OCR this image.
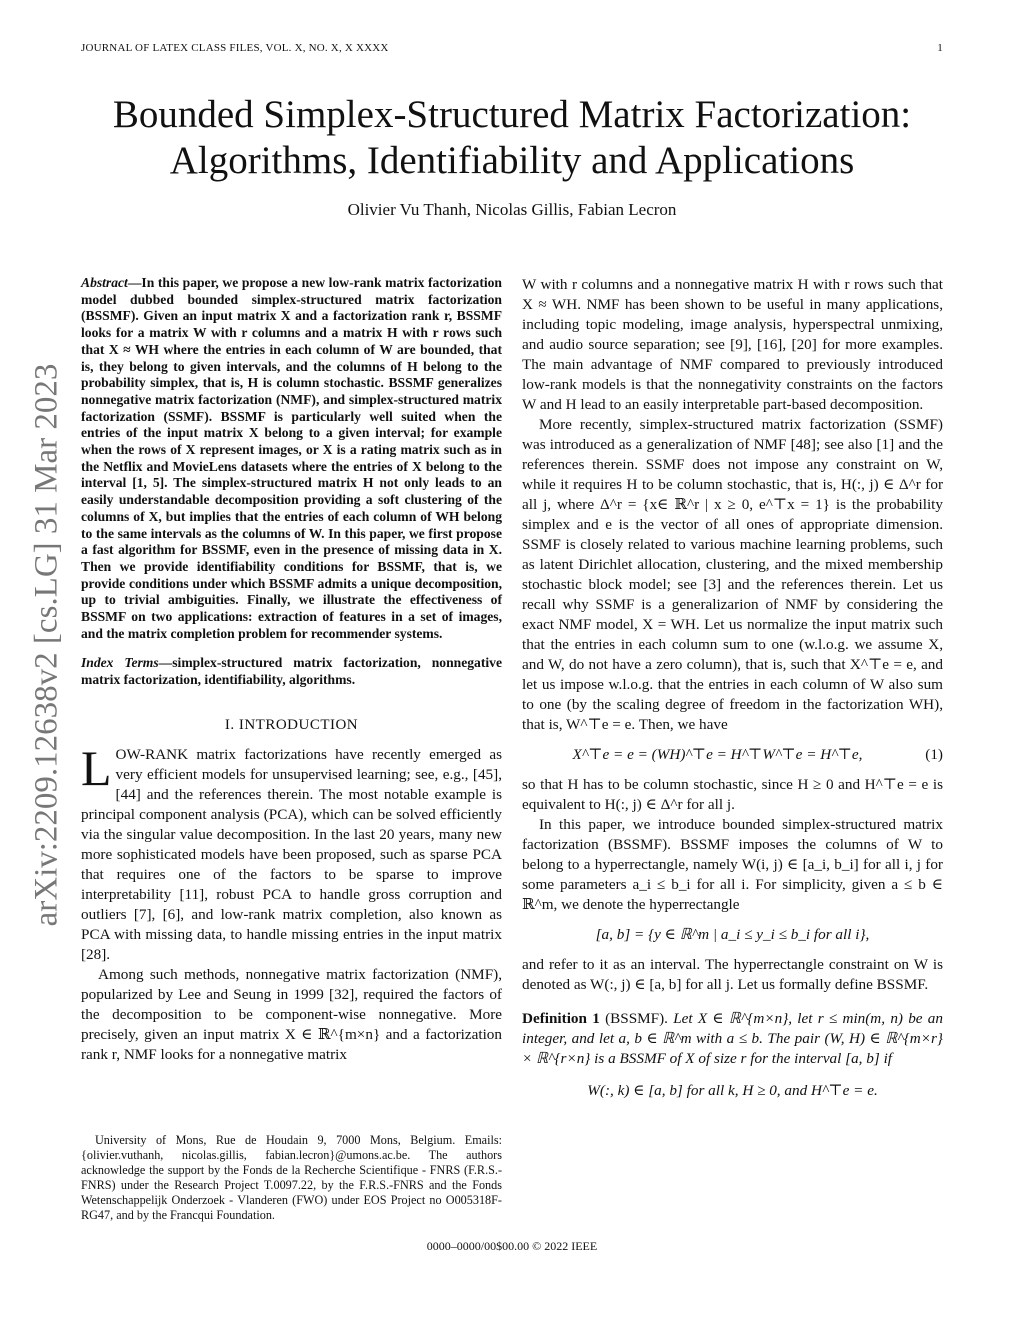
JOURNAL OF LATEX CLASS FILES, VOL. X, NO. X, X XXXX	1
Bounded Simplex-Structured Matrix Factorization:
Algorithms, Identifiability and Applications
Olivier Vu Thanh, Nicolas Gillis, Fabian Lecron
arXiv:2209.12638v2 [cs.LG] 31 Mar 2023
Abstract—In this paper, we propose a new low-rank matrix factorization model dubbed bounded simplex-structured matrix factorization (BSSMF). Given an input matrix X and a factorization rank r, BSSMF looks for a matrix W with r columns and a matrix H with r rows such that X ≈ WH where the entries in each column of W are bounded, that is, they belong to given intervals, and the columns of H belong to the probability simplex, that is, H is column stochastic. BSSMF generalizes nonnegative matrix factorization (NMF), and simplex-structured matrix factorization (SSMF). BSSMF is particularly well suited when the entries of the input matrix X belong to a given interval; for example when the rows of X represent images, or X is a rating matrix such as in the Netflix and MovieLens datasets where the entries of X belong to the interval [1, 5]. The simplex-structured matrix H not only leads to an easily understandable decomposition providing a soft clustering of the columns of X, but implies that the entries of each column of WH belong to the same intervals as the columns of W. In this paper, we first propose a fast algorithm for BSSMF, even in the presence of missing data in X. Then we provide identifiability conditions for BSSMF, that is, we provide conditions under which BSSMF admits a unique decomposition, up to trivial ambiguities. Finally, we illustrate the effectiveness of BSSMF on two applications: extraction of features in a set of images, and the matrix completion problem for recommender systems.
Index Terms—simplex-structured matrix factorization, nonnegative matrix factorization, identifiability, algorithms.
I. INTRODUCTION

LOW-RANK matrix factorizations have recently emerged as very efficient models for unsupervised learning; see, e.g., [45], [44] and the references therein. The most notable example is principal component analysis (PCA), which can be solved efficiently via the singular value decomposition. In the last 20 years, many new more sophisticated models have been proposed, such as sparse PCA that requires one of the factors to be sparse to improve interpretability [11], robust PCA to handle gross corruption and outliers [7], [6], and low-rank matrix completion, also known as PCA with missing data, to handle missing entries in the input matrix [28].

Among such methods, nonnegative matrix factorization (NMF), popularized by Lee and Seung in 1999 [32], required the factors of the decomposition to be component-wise nonnegative. More precisely, given an input matrix X ∈ ℝ^{m×n} and a factorization rank r, NMF looks for a nonnegative matrix

University of Mons, Rue de Houdain 9, 7000 Mons, Belgium. Emails: {olivier.vuthanh, nicolas.gillis, fabian.lecron}@umons.ac.be. The authors acknowledge the support by the Fonds de la Recherche Scientifique - FNRS (F.R.S.-FNRS) under the Research Project T.0097.22, by the F.R.S.-FNRS and the Fonds Wetenschappelijk Onderzoek - Vlanderen (FWO) under EOS Project no O005318F-RG47, and by the Francqui Foundation.

W with r columns and a nonnegative matrix H with r rows such that X ≈ WH. NMF has been shown to be useful in many applications, including topic modeling, image analysis, hyperspectral unmixing, and audio source separation; see [9], [16], [20] for more examples. The main advantage of NMF compared to previously introduced low-rank models is that the nonnegativity constraints on the factors W and H lead to an easily interpretable part-based decomposition.

More recently, simplex-structured matrix factorization (SSMF) was introduced as a generalization of NMF [48]; see also [1] and the references therein. SSMF does not impose any constraint on W, while it requires H to be column stochastic, that is, H(:, j) ∈ Δ^r for all j, where Δ^r = {x∈ ℝ^r | x ≥ 0, e^⊤x = 1} is the probability simplex and e is the vector of all ones of appropriate dimension. SSMF is closely related to various machine learning problems, such as latent Dirichlet allocation, clustering, and the mixed membership stochastic block model; see [3] and the references therein. Let us recall why SSMF is a generalizarion of NMF by considering the exact NMF model, X = WH. Let us normalize the input matrix such that the entries in each column sum to one (w.l.o.g. we assume X, and W, do not have a zero column), that is, such that X^⊤e = e, and let us impose w.l.o.g. that the entries in each column of W also sum to one (by the scaling degree of freedom in the factorization WH), that is, W^⊤e = e. Then, we have

X^⊤e = e = (WH)^⊤e = H^⊤W^⊤e = H^⊤e,	(1)

so that H has to be column stochastic, since H ≥ 0 and H^⊤e = e is equivalent to H(:, j) ∈ Δ^r for all j.

In this paper, we introduce bounded simplex-structured matrix factorization (BSSMF). BSSMF imposes the columns of W to belong to a hyperrectangle, namely W(i, j) ∈ [a_i, b_i] for all i, j for some parameters a_i ≤ b_i for all i. For simplicity, given a ≤ b ∈ ℝ^m, we denote the hyperrectangle

[a, b] = {y ∈ ℝ^m | a_i ≤ y_i ≤ b_i for all i},

and refer to it as an interval. The hyperrectangle constraint on W is denoted as W(:, j) ∈ [a, b] for all j. Let us formally define BSSMF.

Definition 1 (BSSMF). Let X ∈ ℝ^{m×n}, let r ≤ min(m, n) be an integer, and let a, b ∈ ℝ^m with a ≤ b. The pair (W, H) ∈ ℝ^{m×r} × ℝ^{r×n} is a BSSMF of X of size r for the interval [a, b] if
W(:, k) ∈ [a, b] for all k, H ≥ 0, and H^⊤e = e.
0000–0000/00$00.00 © 2022 IEEE
